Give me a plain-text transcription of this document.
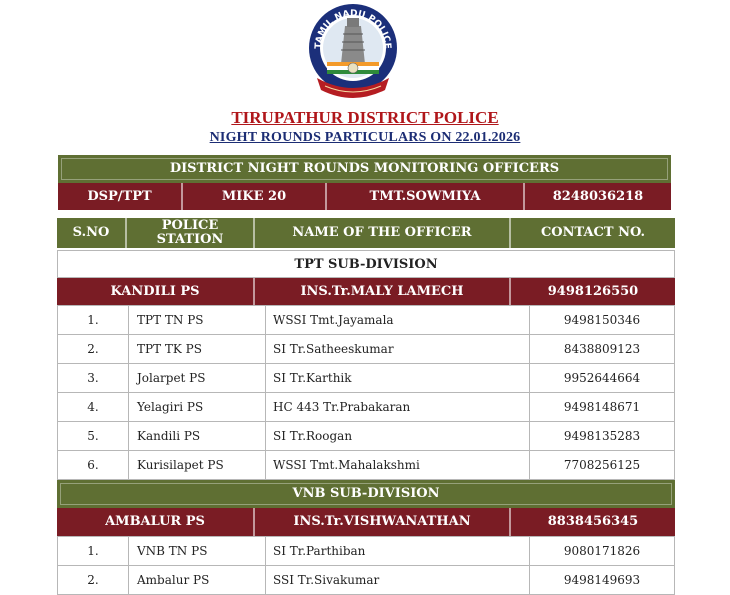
TAMIL NADU POLICE
TIRUPATHUR DISTRICT POLICE
NIGHT ROUNDS PARTICULARS ON 22.01.2026
DISTRICT NIGHT ROUNDS MONITORING OFFICERS
DSP/TPT	MIKE 20	TMT.SOWMIYA	8248036218
S.NO	POLICE STATION	NAME OF THE OFFICER	CONTACT NO.
TPT SUB-DIVISION
KANDILI PS	INS.Tr.MALY LAMECH	9498126550
1.	TPT TN PS	WSSI Tmt.Jayamala	9498150346
2.	TPT TK PS	SI Tr.Satheeskumar	8438809123
3.	Jolarpet PS	SI Tr.Karthik	9952644664
4.	Yelagiri PS	HC 443 Tr.Prabakaran	9498148671
5.	Kandili PS	SI Tr.Roogan	9498135283
6.	Kurisilapet PS	WSSI Tmt.Mahalakshmi	7708256125
VNB SUB-DIVISION
AMBALUR PS	INS.Tr.VISHWANATHAN	8838456345
1.	VNB TN PS	SI Tr.Parthiban	9080171826
2.	Ambalur PS	SSI Tr.Sivakumar	9498149693
